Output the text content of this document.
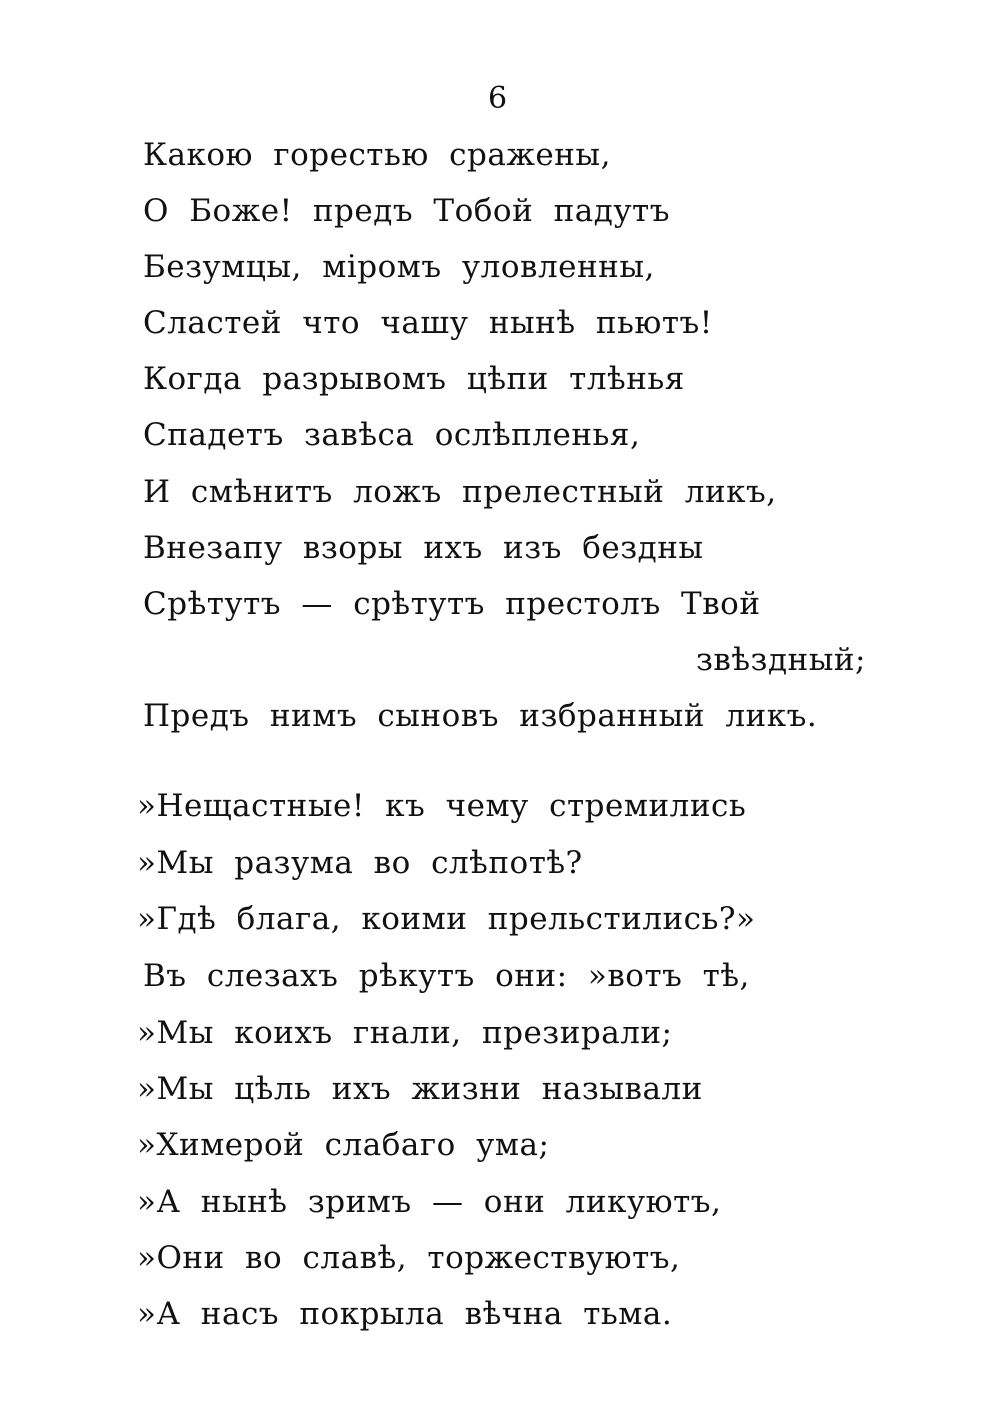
6
Какою горестью сражены,
О Боже! предъ Тобой падутъ
Безумцы, міромъ уловленны,
Сластей что чашу нынѣ пьютъ!
Когда разрывомъ цѣпи тлѣнья
Спадетъ завѣса ослѣпленья,
И смѣнитъ ложъ прелестный ликъ,
Внезапу взоры ихъ изъ бездны
Срѣтутъ — срѣтутъ престолъ Твой
звѣздный;
Предъ нимъ сыновъ избранный ликъ.
»Нещастные! къ чему стремились
»Мы разума во слѣпотѣ?
»Гдѣ блага, коими прельстились?»
Въ слезахъ рѣкутъ они: »вотъ тѣ,
»Мы коихъ гнали, презирали;
»Мы цѣль ихъ жизни называли
»Химерой слабаго ума;
»А нынѣ зримъ — они ликуютъ,
»Они во славѣ, торжествуютъ,
»А насъ покрыла вѣчна тьма.
